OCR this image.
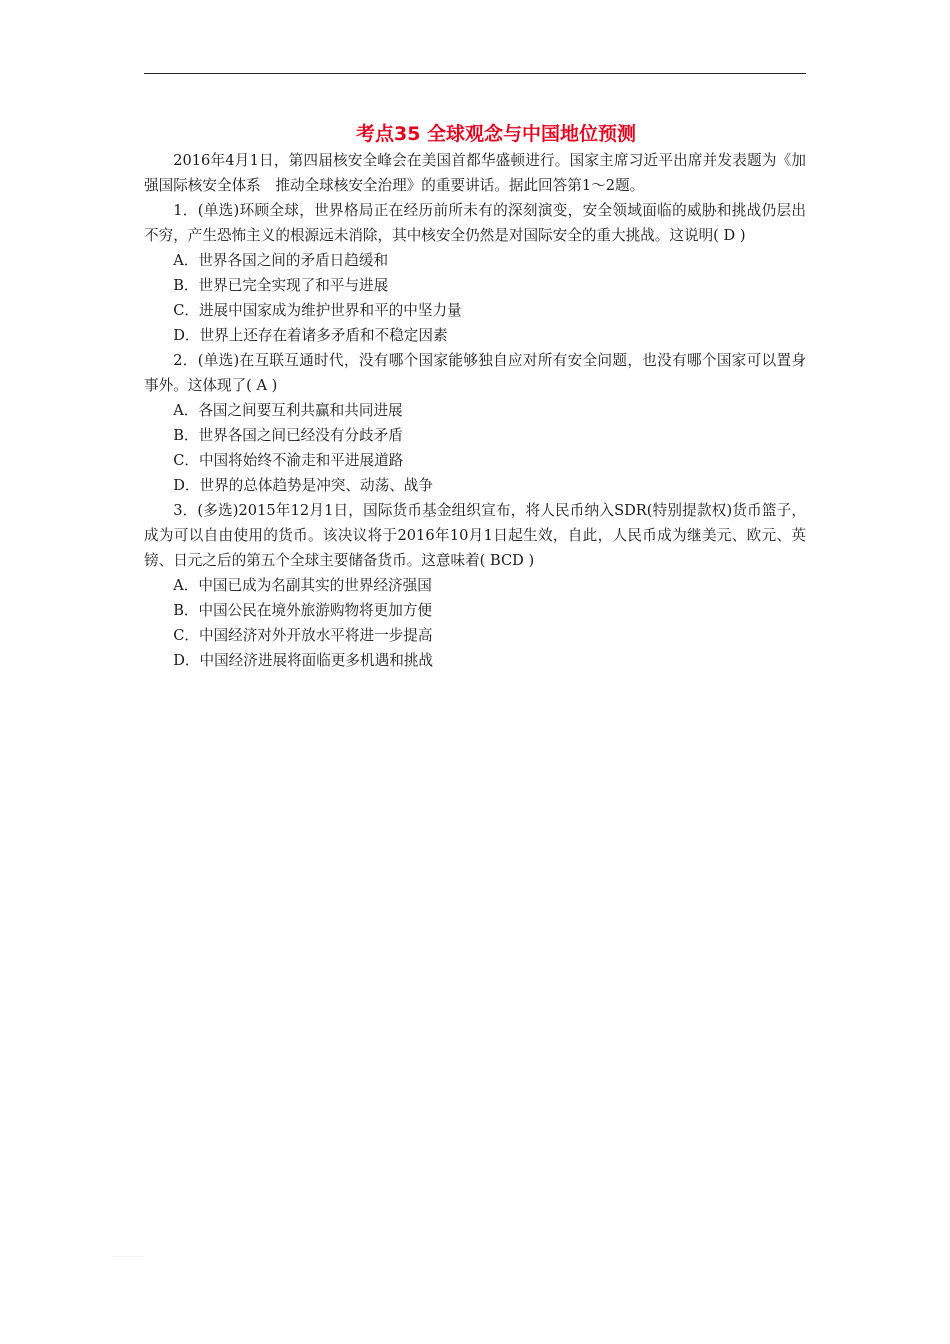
考点35 全球观念与中国地位预测

2016年4月1日，第四届核安全峰会在美国首都华盛顿进行。国家主席习近平出席并发表题为《加强国际核安全体系　推动全球核安全治理》的重要讲话。据此回答第1～2题。

1．(单选)环顾全球，世界格局正在经历前所未有的深刻演变，安全领域面临的威胁和挑战仍层出不穷，产生恐怖主义的根源远未消除，其中核安全仍然是对国际安全的重大挑战。这说明( D )

A．世界各国之间的矛盾日趋缓和

B．世界已完全实现了和平与进展

C．进展中国家成为维护世界和平的中坚力量

D．世界上还存在着诸多矛盾和不稳定因素

2．(单选)在互联互通时代，没有哪个国家能够独自应对所有安全问题，也没有哪个国家可以置身事外。这体现了( A )

A．各国之间要互利共赢和共同进展

B．世界各国之间已经没有分歧矛盾

C．中国将始终不渝走和平进展道路

D．世界的总体趋势是冲突、动荡、战争

3．(多选)2015年12月1日，国际货币基金组织宣布，将人民币纳入SDR(特别提款权)货币篮子，成为可以自由使用的货币。该决议将于2016年10月1日起生效，自此，人民币成为继美元、欧元、英镑、日元之后的第五个全球主要储备货币。这意味着( BCD )

A．中国已成为名副其实的世界经济强国

B．中国公民在境外旅游购物将更加方便

C．中国经济对外开放水平将进一步提高

D．中国经济进展将面临更多机遇和挑战
